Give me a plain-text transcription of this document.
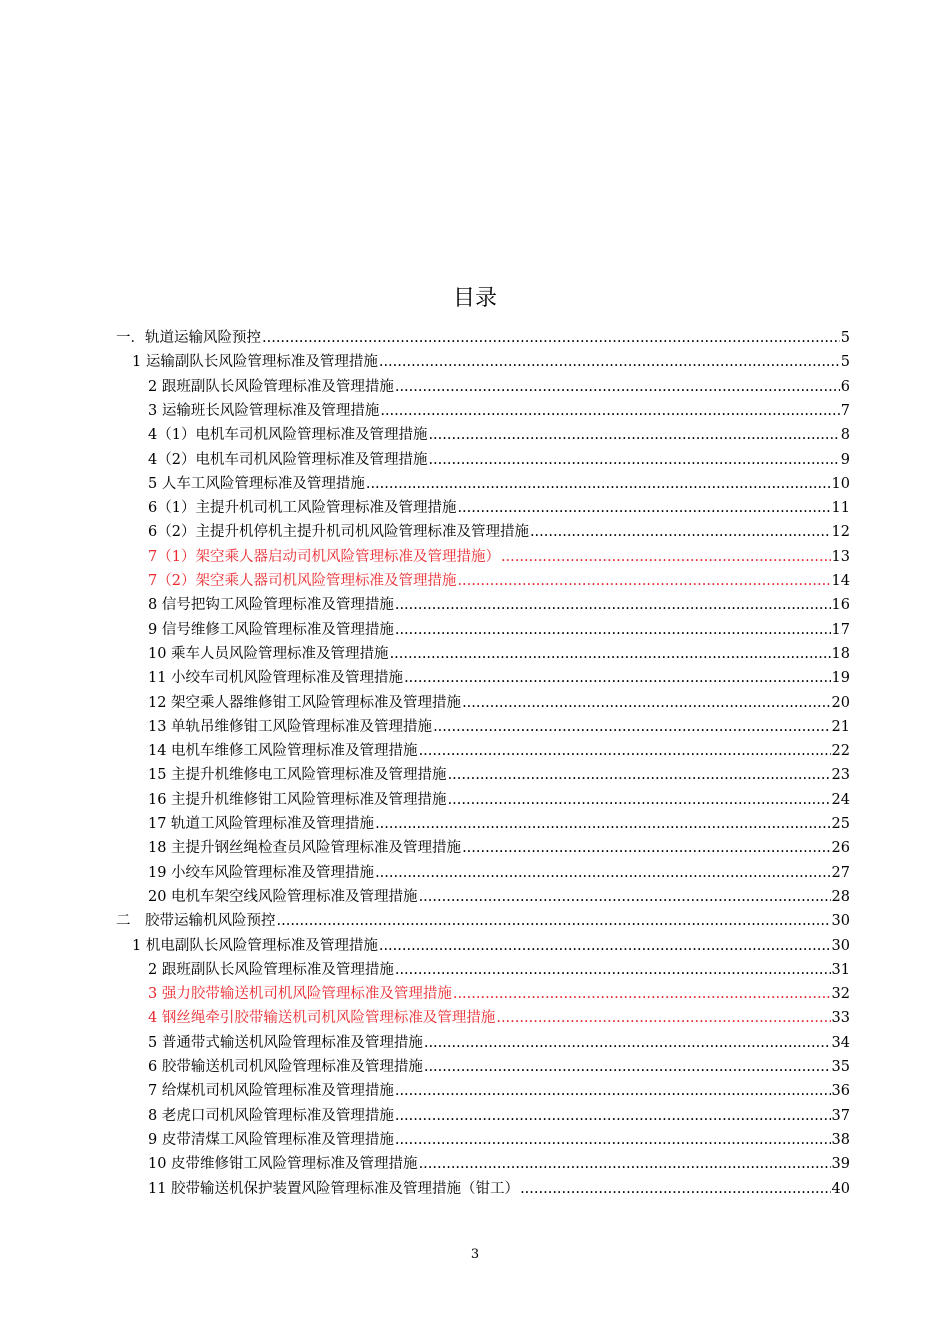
目录
一．轨道运输风险预控 .....	5
1 运输副队长风险管理标准及管理措施 .....	5
2 跟班副队长风险管理标准及管理措施 .....	6
3 运输班长风险管理标准及管理措施 .....	7
4（1）电机车司机风险管理标准及管理措施 .....	8
4（2）电机车司机风险管理标准及管理措施 .....	9
5 人车工风险管理标准及管理措施 .....	10
6（1）主提升机司机工风险管理标准及管理措施 .....	11
6（2）主提升机停机主提升机司机风险管理标准及管理措施 .....	12
7（1）架空乘人器启动司机风险管理标准及管理措施） .....	13
7（2）架空乘人器司机风险管理标准及管理措施 .....	14
8 信号把钩工风险管理标准及管理措施 .....	16
9 信号维修工风险管理标准及管理措施 .....	17
10 乘车人员风险管理标准及管理措施 .....	18
11 小绞车司机风险管理标准及管理措施 .....	19
12 架空乘人器维修钳工风险管理标准及管理措施 .....	20
13 单轨吊维修钳工风险管理标准及管理措施 .....	21
14 电机车维修工风险管理标准及管理措施 .....	22
15 主提升机维修电工风险管理标准及管理措施 .....	23
16 主提升机维修钳工风险管理标准及管理措施 .....	24
17 轨道工风险管理标准及管理措施 .....	25
18 主提升钢丝绳检查员风险管理标准及管理措施 .....	26
19 小绞车风险管理标准及管理措施 .....	27
20 电机车架空线风险管理标准及管理措施 .....	28
二　胶带运输机风险预控 .....	30
1 机电副队长风险管理标准及管理措施 .....	30
2 跟班副队长风险管理标准及管理措施 .....	31
3 强力胶带输送机司机风险管理标准及管理措施 .....	32
4 钢丝绳牵引胶带输送机司机风险管理标准及管理措施 .....	33
5 普通带式输送机风险管理标准及管理措施 .....	34
6 胶带输送机司机风险管理标准及管理措施 .....	35
7 给煤机司机风险管理标准及管理措施 .....	36
8 老虎口司机风险管理标准及管理措施 .....	37
9 皮带清煤工风险管理标准及管理措施 .....	38
10 皮带维修钳工风险管理标准及管理措施 .....	39
11 胶带输送机保护装置风险管理标准及管理措施（钳工） .....	40
3
